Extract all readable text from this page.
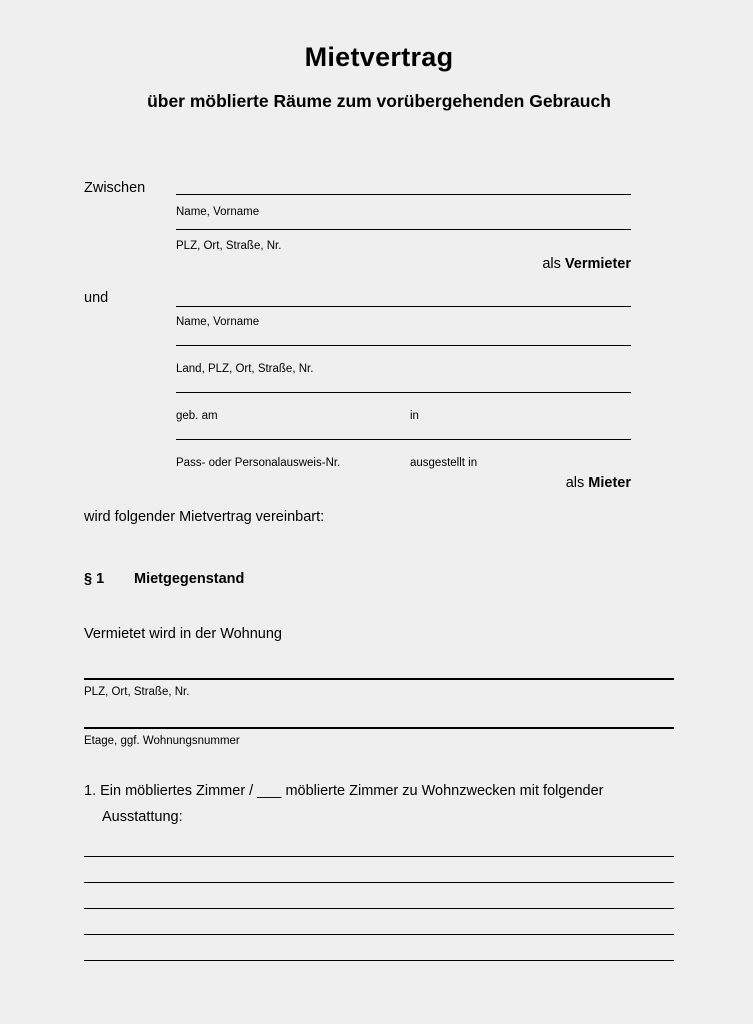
Mietvertrag
über möblierte Räume zum vorübergehenden Gebrauch
Zwischen
Name, Vorname
PLZ, Ort, Straße, Nr.
als Vermieter
und
Name, Vorname
Land, PLZ, Ort, Straße, Nr.
geb. am	in
Pass- oder Personalausweis-Nr.	ausgestellt in
als Mieter
wird folgender Mietvertrag vereinbart:
§ 1 Mietgegenstand
Vermietet wird in der Wohnung
PLZ, Ort, Straße, Nr.
Etage, ggf. Wohnungsnummer
1. Ein möbliertes Zimmer / ___ möblierte Zimmer zu Wohnzwecken mit folgender
Ausstattung:
